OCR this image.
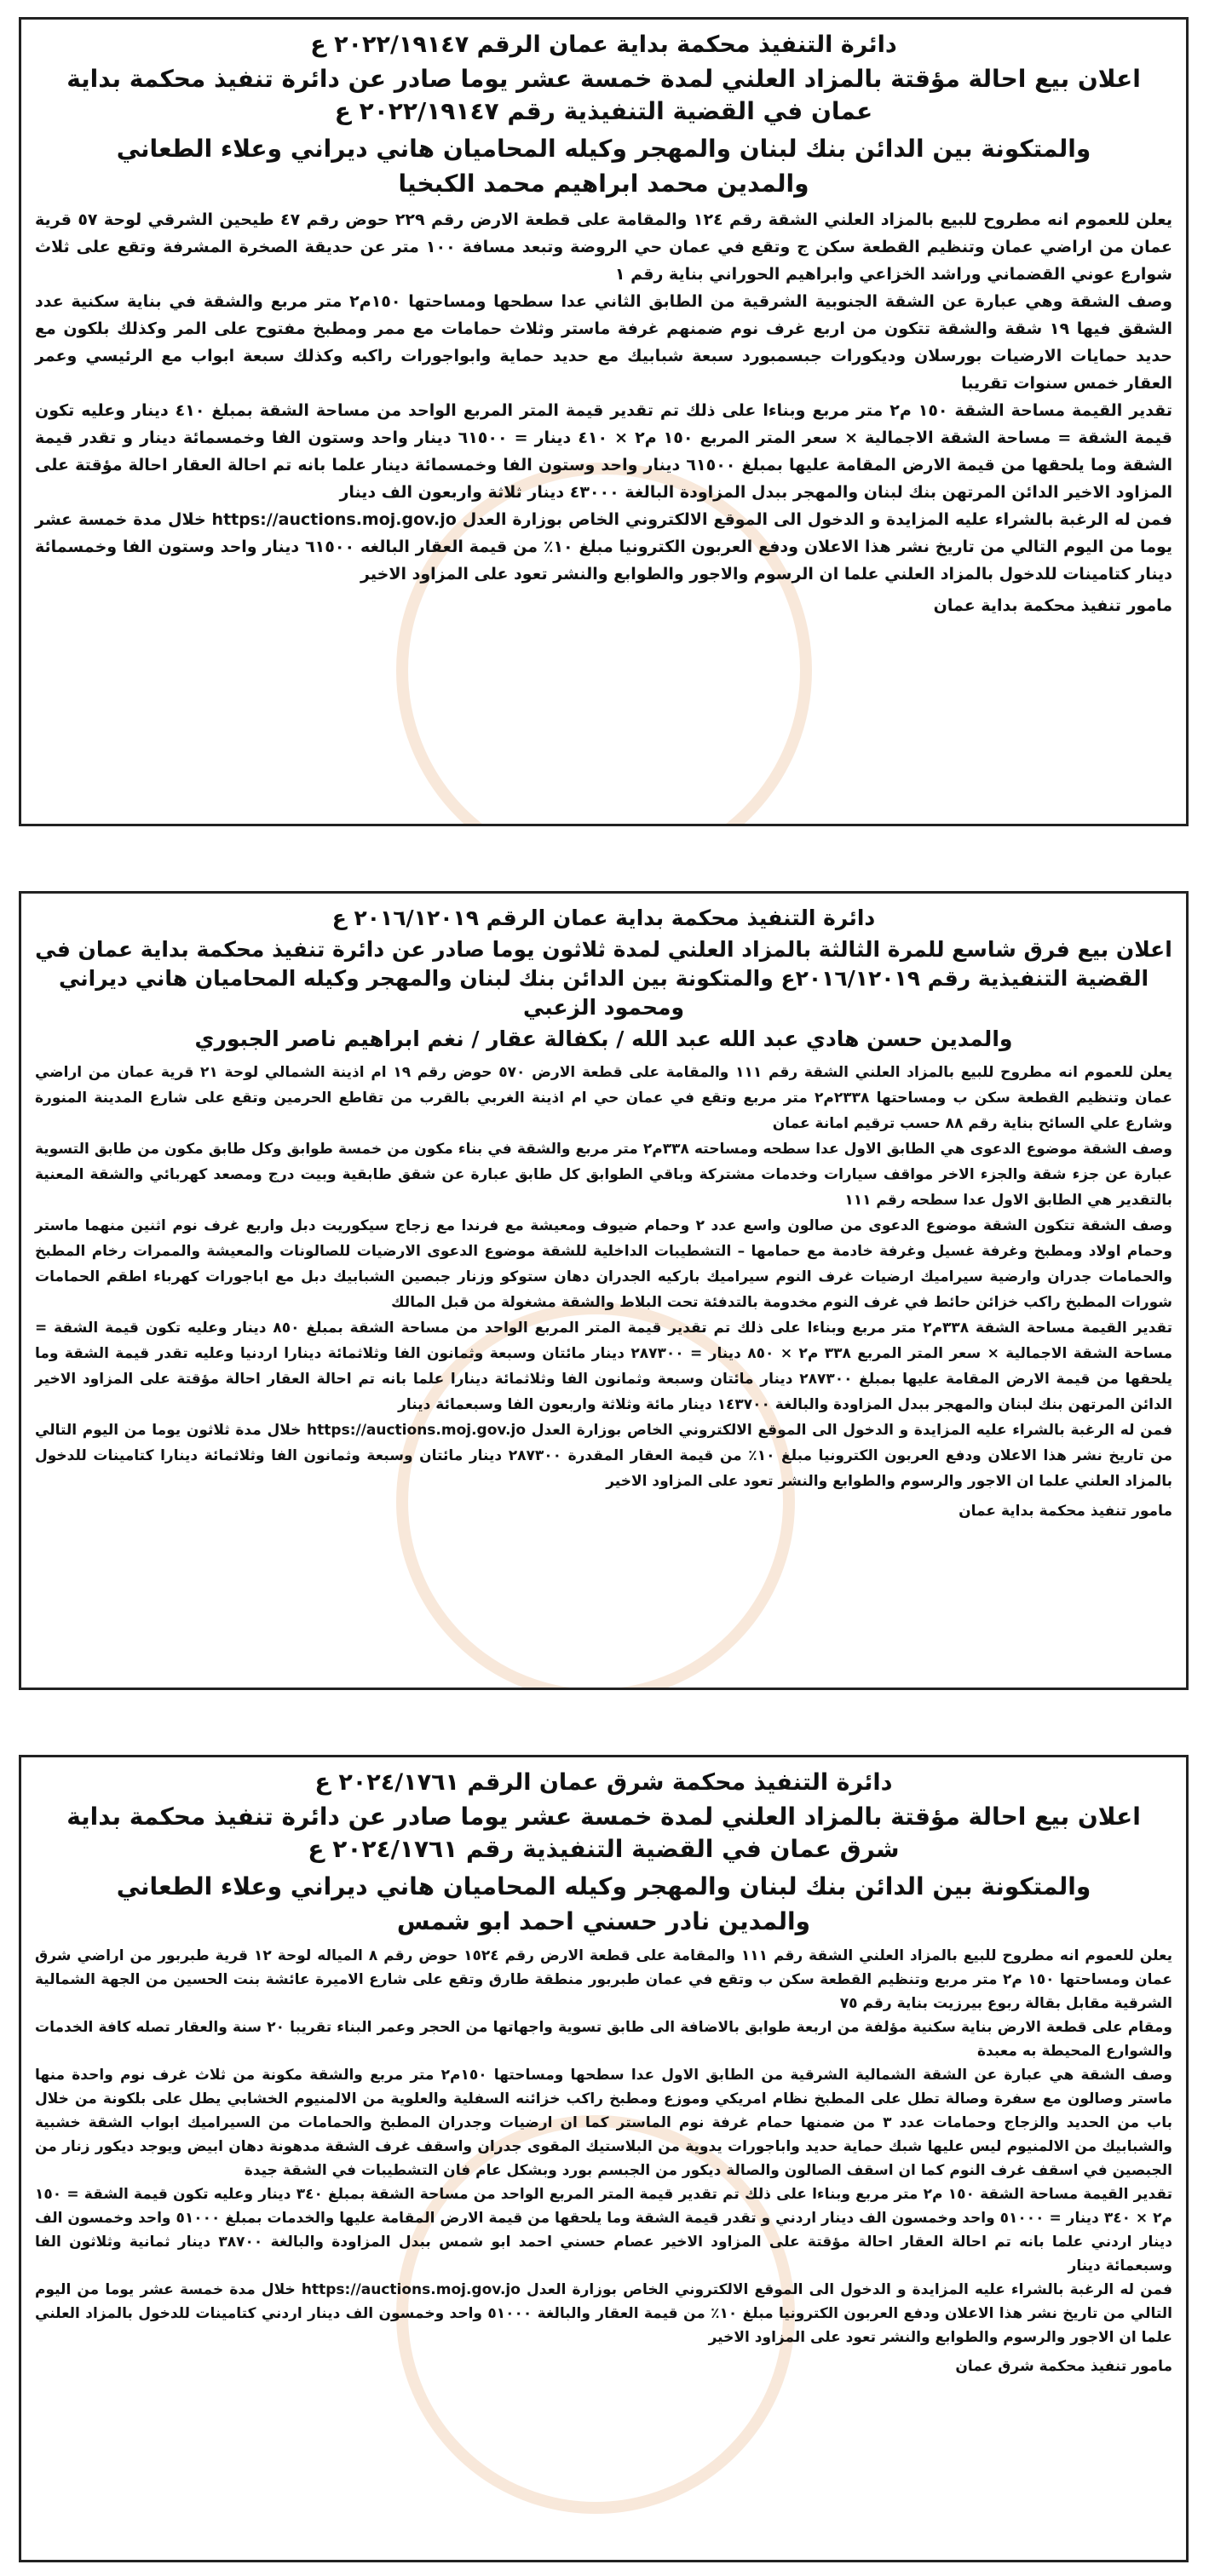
دائرة التنفيذ محكمة بداية عمان الرقم ٢٠٢٢/١٩١٤٧ ع

اعلان بيع احالة مؤقتة بالمزاد العلني لمدة خمسة عشر يوما صادر عن دائرة تنفيذ محكمة بداية عمان في القضية التنفيذية رقم ٢٠٢٢/١٩١٤٧ ع

والمتكونة بين الدائن بنك لبنان والمهجر وكيله المحاميان هاني ديراني وعلاء الطعاني

والمدين محمد ابراهيم محمد الكبخيا

يعلن للعموم انه مطروح للبيع بالمزاد العلني الشقة رقم ١٢٤ والمقامة على قطعة الارض رقم ٢٢٩ حوض رقم ٤٧ طيحين الشرقي لوحة ٥٧ قرية عمان من اراضي عمان وتنظيم القطعة سكن ج وتقع في عمان حي الروضة وتبعد مسافة ١٠٠ متر عن حديقة الصخرة المشرفة وتقع على ثلاث شوارع عوني القضماني وراشد الخزاعي وابراهيم الحوراني بناية رقم ١

وصف الشقة وهي عبارة عن الشقة الجنوبية الشرقية من الطابق الثاني عدا سطحها ومساحتها ١٥٠م٢ متر مربع والشقة في بناية سكنية عدد الشقق فيها ١٩ شقة والشقة تتكون من اربع غرف نوم ضمنهم غرفة ماستر وثلاث حمامات مع ممر ومطبخ مفتوح على المر وكذلك بلكون مع حديد حمايات الارضيات بورسلان وديكورات جبسمبورد سبعة شبابيك مع حديد حماية وابواجورات راكبه وكذلك سبعة ابواب مع الرئيسي وعمر العقار خمس سنوات تقريبا

تقدير القيمة مساحة الشقة ١٥٠ م٢ متر مربع وبناءا على ذلك تم تقدير قيمة المتر المربع الواحد من مساحة الشقة بمبلغ ٤١٠ دينار وعليه تكون قيمة الشقة = مساحة الشقة الاجمالية × سعر المتر المربع ١٥٠ م٢ × ٤١٠ دينار = ٦١٥٠٠ دينار واحد وستون الفا وخمسمائة دينار و تقدر قيمة الشقة وما يلحقها من قيمة الارض المقامة عليها بمبلغ ٦١٥٠٠ دينار واحد وستون الفا وخمسمائة دينار علما بانه تم احالة العقار احالة مؤقتة على المزاود الاخير الدائن المرتهن بنك لبنان والمهجر ببدل المزاودة البالغة ٤٣٠٠٠ دينار ثلاثة واربعون الف دينار

فمن له الرغبة بالشراء عليه المزايدة و الدخول الى الموقع الالكتروني الخاص بوزارة العدل https://auctions.moj.gov.jo خلال مدة خمسة عشر يوما من اليوم التالي من تاريخ نشر هذا الاعلان ودفع العربون الكترونيا مبلغ ١٠٪ من قيمة العقار البالغه ٦١٥٠٠ دينار واحد وستون الفا وخمسمائة دينار كتامينات للدخول بالمزاد العلني علما ان الرسوم والاجور والطوابع والنشر تعود على المزاود الاخير

مامور تنفيذ محكمة بداية عمان

دائرة التنفيذ محكمة بداية عمان الرقم ٢٠١٦/١٢٠١٩ ع

اعلان بيع فرق شاسع للمرة الثالثة بالمزاد العلني لمدة ثلاثون يوما صادر عن دائرة تنفيذ محكمة بداية عمان في القضية التنفيذية رقم ٢٠١٦/١٢٠١٩ع والمتكونة بين الدائن بنك لبنان والمهجر وكيله المحاميان هاني ديراني ومحمود الزعبي

والمدين حسن هادي عبد الله عبد الله / بكفالة عقار / نغم ابراهيم ناصر الجبوري

يعلن للعموم انه مطروح للبيع بالمزاد العلني الشقة رقم ١١١ والمقامة على قطعة الارض ٥٧٠ حوض رقم ١٩ ام اذينة الشمالي لوحة ٢١ قرية عمان من اراضي عمان وتنظيم القطعة سكن ب ومساحتها ٢٣٣٨م٢ متر مربع وتقع في عمان حي ام اذينة الغربي بالقرب من تقاطع الحرمين وتقع على شارع المدينة المنورة وشارع علي السائح بناية رقم ٨٨ حسب ترقيم امانة عمان

وصف الشقة موضوع الدعوى هي الطابق الاول عدا سطحه ومساحته ٣٣٨م٢ متر مربع والشقة في بناء مكون من خمسة طوابق وكل طابق مكون من طابق التسوية عبارة عن جزء شقة والجزء الاخر مواقف سيارات وخدمات مشتركة وباقي الطوابق كل طابق عبارة عن شقق طابقية وبيت درج ومصعد كهربائي والشقة المعنية بالتقدير هي الطابق الاول عدا سطحه رقم ١١١

وصف الشقة تتكون الشقة موضوع الدعوى من صالون واسع عدد ٢ وحمام ضيوف ومعيشة مع فرندا مع زجاج سيكوريت دبل واربع غرف نوم اثنين منهما ماستر وحمام اولاد ومطبخ وغرفة غسيل وغرفة خادمة مع حمامها – التشطيبات الداخلية للشقة موضوع الدعوى الارضيات للصالونات والمعيشة والممرات رخام المطبخ والحمامات جدران وارضية سيراميك ارضيات غرف النوم سيراميك باركيه الجدران دهان ستوكو وزنار جبصين الشبابيك دبل مع اباجورات كهرباء اطقم الحمامات شورات المطبخ راكب خزائن حائط في غرف النوم مخدومة بالتدفئة تحت البلاط والشقة مشغولة من قبل المالك

تقدير القيمة مساحة الشقة ٣٣٨م٢ متر مربع وبناءا على ذلك تم تقدير قيمة المتر المربع الواحد من مساحة الشقة بمبلغ ٨٥٠ دينار وعليه تكون قيمة الشقة = مساحة الشقة الاجمالية × سعر المتر المربع ٣٣٨ م٢ × ٨٥٠ دينار = ٢٨٧٣٠٠ دينار مائتان وسبعة وثمانون الفا وثلاثمائة دينارا اردنيا وعليه تقدر قيمة الشقة وما يلحقها من قيمة الارض المقامة عليها بمبلغ ٢٨٧٣٠٠ دينار مائتان وسبعة وثمانون الفا وثلاثمائة دينارا علما بانه تم احالة العقار احالة مؤقتة على المزاود الاخير الدائن المرتهن بنك لبنان والمهجر ببدل المزاودة والبالغة ١٤٣٧٠٠ دينار مائة وثلاثة واربعون الفا وسبعمائة دينار

فمن له الرغبة بالشراء عليه المزايدة و الدخول الى الموقع الالكتروني الخاص بوزارة العدل https://auctions.moj.gov.jo خلال مدة ثلاثون يوما من اليوم التالي من تاريخ نشر هذا الاعلان ودفع العربون الكترونيا مبلغ ١٠٪ من قيمة العقار المقدرة ٢٨٧٣٠٠ دينار مائتان وسبعة وثمانون الفا وثلاثمائة دينارا كتامينات للدخول بالمزاد العلني علما ان الاجور والرسوم والطوابع والنشر تعود على المزاود الاخير

مامور تنفيذ محكمة بداية عمان

دائرة التنفيذ محكمة شرق عمان الرقم ٢٠٢٤/١٧٦١ ع

اعلان بيع احالة مؤقتة بالمزاد العلني لمدة خمسة عشر يوما صادر عن دائرة تنفيذ محكمة بداية شرق عمان في القضية التنفيذية رقم ٢٠٢٤/١٧٦١ ع

والمتكونة بين الدائن بنك لبنان والمهجر وكيله المحاميان هاني ديراني وعلاء الطعاني

والمدين نادر حسني احمد ابو شمس

يعلن للعموم انه مطروح للبيع بالمزاد العلني الشقة رقم ١١١ والمقامة على قطعة الارض رقم ١٥٢٤ حوض رقم ٨ المياله لوحة ١٢ قرية طبربور من اراضي شرق عمان ومساحتها ١٥٠ م٢ متر مربع وتنظيم القطعة سكن ب وتقع في عمان طبربور منطقة طارق وتقع على شارع الاميرة عائشة بنت الحسين من الجهة الشمالية الشرقية مقابل بقالة ربوع بيرزيت بناية رقم ٧٥

ومقام على قطعة الارض بناية سكنية مؤلفة من اربعة طوابق بالاضافة الى طابق تسوية واجهاتها من الحجر وعمر البناء تقريبا ٢٠ سنة والعقار تصله كافة الخدمات والشوارع المحيطة به معبدة

وصف الشقة هي عبارة عن الشقة الشمالية الشرقية من الطابق الاول عدا سطحها ومساحتها ١٥٠م٢ متر مربع والشقة مكونة من ثلاث غرف نوم واحدة منها ماستر وصالون مع سفرة وصالة تطل على المطبخ نظام امريكي وموزع ومطبخ راكب خزائنه السفلية والعلوية من الالمنيوم الخشابي يطل على بلكونة من خلال باب من الحديد والزجاج وحمامات عدد ٣ من ضمنها حمام غرفة نوم الماستر كما ان ارضيات وجدران المطبخ والحمامات من السيراميك ابواب الشقة خشبية والشبابيك من الالمنيوم ليس عليها شبك حماية حديد واباجورات يدوية من البلاستيك المقوى جدران واسقف غرف الشقة مدهونة دهان ابيض ويوجد ديكور زنار من الجبصين في اسقف غرف النوم كما ان اسقف الصالون والصالة ديكور من الجبسم بورد وبشكل عام فان التشطيبات في الشقة جيدة

تقدير القيمة مساحة الشقة ١٥٠ م٢ متر مربع وبناءا على ذلك تم تقدير قيمة المتر المربع الواحد من مساحة الشقة بمبلغ ٣٤٠ دينار وعليه تكون قيمة الشقة = ١٥٠ م٢ × ٣٤٠ دينار = ٥١٠٠٠ واحد وخمسون الف دينار اردني و تقدر قيمة الشقة وما يلحقها من قيمة الارض المقامة عليها والخدمات بمبلغ ٥١٠٠٠ واحد وخمسون الف دينار اردني علما بانه تم احالة العقار احالة مؤقتة على المزاود الاخير عصام حسني احمد ابو شمس ببدل المزاودة والبالغة ٣٨٧٠٠ دينار ثمانية وثلاثون الفا وسبعمائة دينار

فمن له الرغبة بالشراء عليه المزايدة و الدخول الى الموقع الالكتروني الخاص بوزارة العدل https://auctions.moj.gov.jo خلال مدة خمسة عشر يوما من اليوم التالي من تاريخ نشر هذا الاعلان ودفع العربون الكترونيا مبلغ ١٠٪ من قيمة العقار والبالغة ٥١٠٠٠ واحد وخمسون الف دينار اردني كتامينات للدخول بالمزاد العلني علما ان الاجور والرسوم والطوابع والنشر تعود على المزاود الاخير

مامور تنفيذ محكمة شرق عمان
